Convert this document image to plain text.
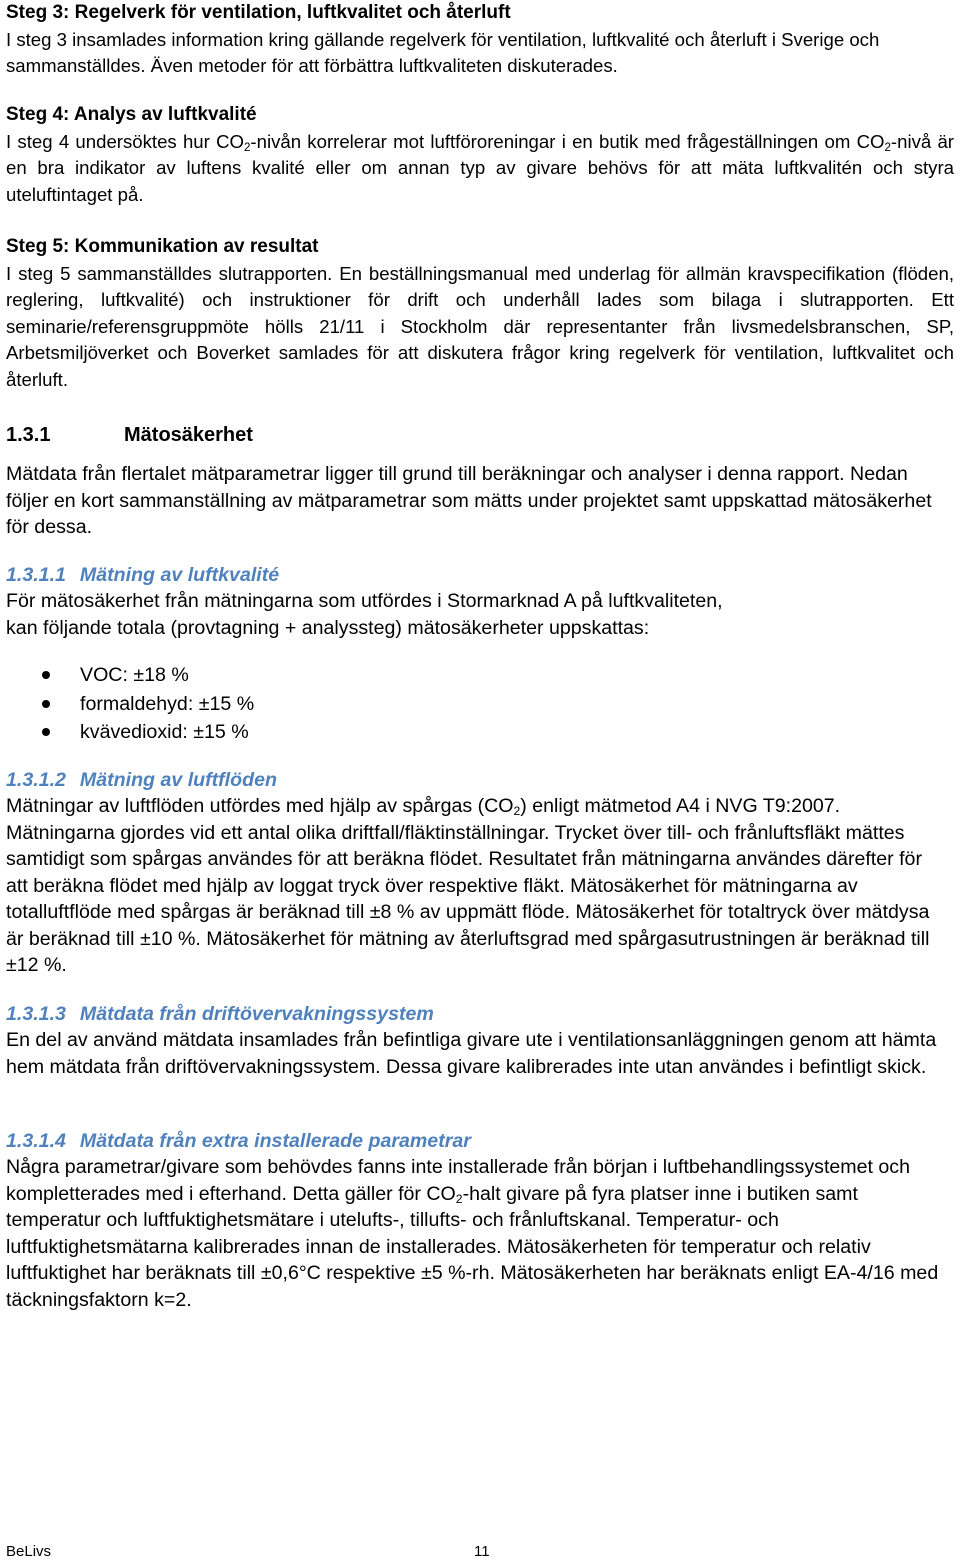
Steg 3: Regelverk för ventilation, luftkvalitet och återluft

I steg 3 insamlades information kring gällande regelverk för ventilation, luftkvalité och återluft i Sverige och sammanställdes. Även metoder för att förbättra luftkvaliteten diskuterades.

Steg 4: Analys av luftkvalité

I steg 4 undersöktes hur $CO_2$-nivån korrelerar mot luftföroreningar i en butik med frågeställningen om $CO_2$-nivå är en bra indikator av luftens kvalité eller om annan typ av givare behövs för att mäta luftkvalitén och styra uteluftintaget på.

Steg 5: Kommunikation av resultat

I steg 5 sammanställdes slutrapporten. En beställningsmanual med underlag för allmän kravspecifikation (flöden, reglering, luftkvalité) och instruktioner för drift och underhåll lades som bilaga i slutrapporten. Ett seminarie/referensgruppmöte hölls 21/11 i Stockholm där representanter från livsmedelsbranschen, SP, Arbetsmiljöverket och Boverket samlades för att diskutera frågor kring regelverk för ventilation, luftkvalitet och återluft.

1.3.1	Mätosäkerhet

Mätdata från flertalet mätparametrar ligger till grund till beräkningar och analyser i denna rapport. Nedan följer en kort sammanställning av mätparametrar som mätts under projektet samt uppskattad mätosäkerhet för dessa.

1.3.1.1 Mätning av luftkvalité

För mätosäkerhet från mätningarna som utfördes i Stormarknad A på luftkvaliteten, kan följande totala (provtagning + analyssteg) mätosäkerheter uppskattas:

VOC: ±18 %
formaldehyd: ±15 %
kvävedioxid: ±15 %
1.3.1.2 Mätning av luftflöden

Mätningar av luftflöden utfördes med hjälp av spårgas $(CO_2)$ enligt mätmetod A4 i NVG T9:2007. Mätningarna gjordes vid ett antal olika driftfall/fläktinställningar. Trycket över till- och frånluftsfläkt mättes samtidigt som spårgas användes för att beräkna flödet. Resultatet från mätningarna användes därefter för att beräkna flödet med hjälp av loggat tryck över respektive fläkt. Mätosäkerhet för mätningarna av totalluftflöde med spårgas är beräknad till ±8 % av uppmätt flöde. Mätosäkerhet för totaltryck över mätdysa är beräknad till ±10 %. Mätosäkerhet för mätning av återluftsgrad med spårgasutrustningen är beräknad till ±12 %.

1.3.1.3 Mätdata från driftövervakningssystem

En del av använd mätdata insamlades från befintliga givare ute i ventilationsanläggningen genom att hämta hem mätdata från driftövervakningssystem. Dessa givare kalibrerades inte utan användes i befintligt skick.

1.3.1.4 Mätdata från extra installerade parametrar

Några parametrar/givare som behövdes fanns inte installerade från början i luftbehandlingssystemet och kompletterades med i efterhand. Detta gäller för $CO_2$-halt givare på fyra platser inne i butiken samt temperatur och luftfuktighetsmätare i utelufts-, tillufts- och frånluftskanal. Temperatur- och luftfuktighetsmätarna kalibrerades innan de installerades. Mätosäkerheten för temperatur och relativ luftfuktighet har beräknats till ±0,6°C respektive ±5 %-rh. Mätosäkerheten har beräknats enligt EA-4/16 med täckningsfaktorn k=2.

BeLivs	11
